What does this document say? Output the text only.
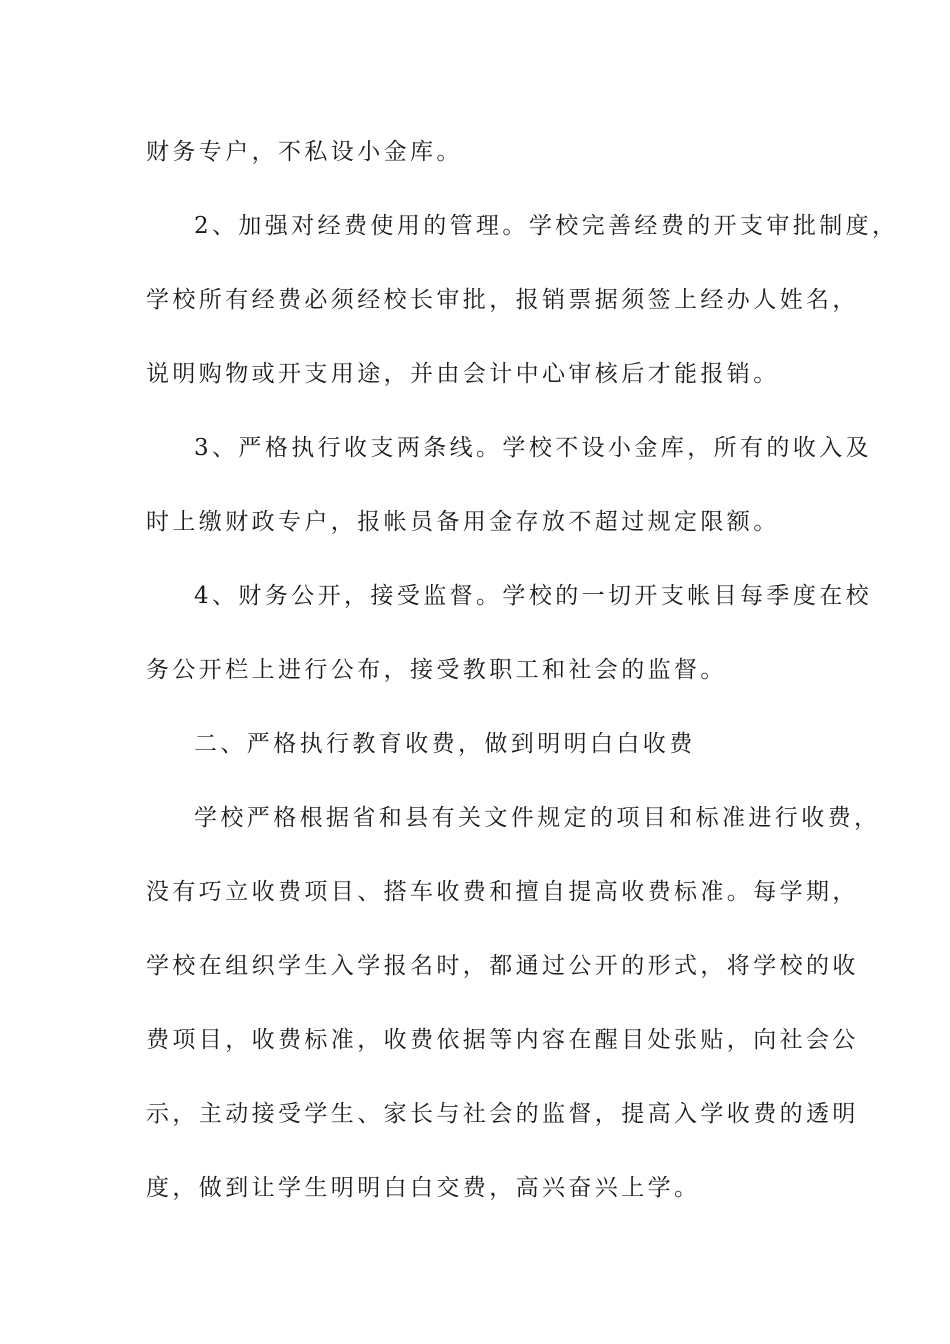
财务专户，不私设小金库。

2、加强对经费使用的管理。学校完善经费的开支审批制度，

学校所有经费必须经校长审批，报销票据须签上经办人姓名，

说明购物或开支用途，并由会计中心审核后才能报销。

3、严格执行收支两条线。学校不设小金库，所有的收入及

时上缴财政专户，报帐员备用金存放不超过规定限额。

4、财务公开，接受监督。学校的一切开支帐目每季度在校

务公开栏上进行公布，接受教职工和社会的监督。

二、严格执行教育收费，做到明明白白收费

学校严格根据省和县有关文件规定的项目和标准进行收费，

没有巧立收费项目、搭车收费和擅自提高收费标准。每学期，

学校在组织学生入学报名时，都通过公开的形式，将学校的收

费项目，收费标准，收费依据等内容在醒目处张贴，向社会公

示，主动接受学生、家长与社会的监督，提高入学收费的透明

度，做到让学生明明白白交费，高兴奋兴上学。
